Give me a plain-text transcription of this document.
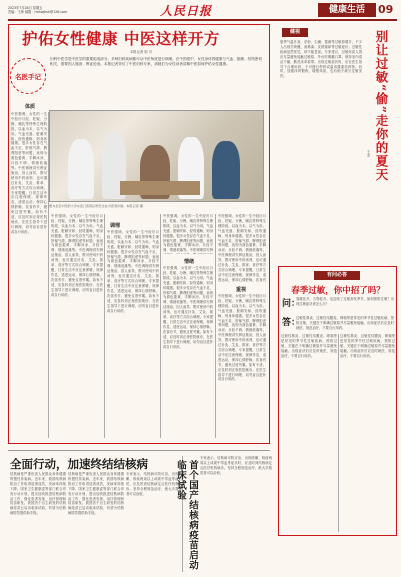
2023年7月28日 星期五
责编：王珍 邮箱：rmhwjksh@126.com	人民日报	健康生活	09
护佑女性健康 中医这样开方
本报记者 郭 可
名医手记
妇科中医学是中医学的重要组成部分。多种妇科疾病都可从中医角度进行调理。在中医眼中，女性身体的健康与气血、脏腑、经络密切相关，需要因人施治、辨证论治。本报记者采访了中医妇科专家，请她们为女性读者讲解中医如何护佑女性健康。
图为北京中医药大学东直门医院妇科医生在为患者诊脉。本报记者 摄
体质
中医强调，女性的一生中经历月经、妊娠、分娩、哺乳等特殊生理阶段，以血为本，以气为用。气血充盛、脏腑安和、经络通畅，则身体健康。很多女性存在气血不足、肝郁气滞、脾肾阳虚等问题，表现为面色萎黄、手脚冰凉、月经不调、情绪低落等。中医调理讲究辨证施治，因人而异，既可使用中药汤剂，也可通过针灸、艾灸、推拿、食疗等方式综合调理。专家提醒，日常生活中应注意保暖，规律作息，适度运动，保持心情舒畅，饮食有节，避免过度劳累。如有不适，应及时到正规医院就诊，在医生指导下进行调理，切勿盲目进补或自行用药。
调理
中医强调，女性的一生中经历月经、妊娠、分娩、哺乳等特殊生理阶段，以血为本，以气为用。气血充盛、脏腑安和、经络通畅，则身体健康。很多女性存在气血不足、肝郁气滞、脾肾阳虚等问题，表现为面色萎黄、手脚冰凉、月经不调、情绪低落等。中医调理讲究辨证施治，因人而异，既可使用中药汤剂，也可通过针灸、艾灸、推拿、食疗等方式综合调理。专家提醒，日常生活中应注意保暖，规律作息，适度运动，保持心情舒畅，饮食有节，避免过度劳累。如有不适，应及时到正规医院就诊，在医生指导下进行调理，切勿盲目进补或自行用药。
中医强调，女性的一生中经历月经、妊娠、分娩、哺乳等特殊生理阶段，以血为本，以气为用。气血充盛、脏腑安和、经络通畅，则身体健康。很多女性存在气血不足、肝郁气滞、脾肾阳虚等问题，表现为面色萎黄、手脚冰凉、月经不调、情绪低落等。中医调理讲究辨证施治，因人而异，既可使用中药汤剂，也可通过针灸、艾灸、推拿、食疗等方式综合调理。专家提醒，日常生活中应注意保暖，规律作息，适度运动，保持心情舒畅，饮食有节，避免过度劳累。如有不适，应及时到正规医院就诊，在医生指导下进行调理，切勿盲目进补或自行用药。
情绪
中医强调，女性的一生中经历月经、妊娠、分娩、哺乳等特殊生理阶段，以血为本，以气为用。气血充盛、脏腑安和、经络通畅，则身体健康。很多女性存在气血不足、肝郁气滞、脾肾阳虚等问题，表现为面色萎黄、手脚冰凉、月经不调、情绪低落等。中医调理讲究辨
中医强调，女性的一生中经历月经、妊娠、分娩、哺乳等特殊生理阶段，以血为本，以气为用。气血充盛、脏腑安和、经络通畅，则身体健康。很多女性存在气血不足、肝郁气滞、脾肾阳虚等问题，表现为面色萎黄、手脚冰凉、月经不调、情绪低落等。中医调理讲究辨证施治，因人而异，既可使用中药汤剂，也可通过针灸、艾灸、推拿、食疗等方式综合调理。专家提醒，日常生活中应注意保暖，规律作息，适度运动，保持心情舒畅，饮食有节，避免过度劳累。如有不适，应及时到正规医院就诊，在医生指导下进行调理，切勿盲目进补或自行用药。
重视
中医强调，女性的一生中经历月经、妊娠、分娩、哺乳等特殊生理阶段，以血为本，以气为用。气血充盛、脏腑安和、经络通畅，则身体健康。很多女性存在气血不足、肝郁气滞、脾肾阳虚等问题，表现为面色萎黄、手脚冰凉、月经不调、情绪低落等。中医调理讲究辨证施治，因人而异，既可使用中药汤剂，也可通过针灸、艾灸、推拿、食疗等方式综合调理。专家提醒，日常生活中应注意保暖，规律作息，适度运动，保持心情舒畅，饮食有
中医强调，女性的一生中经历月经、妊娠、分娩、哺乳等特殊生理阶段，以血为本，以气为用。气血充盛、脏腑安和、经络通畅，则身体健康。很多女性存在气血不足、肝郁气滞、脾肾阳虚等问题，表现为面色萎黄、手脚冰凉、月经不调、情绪低落等。中医调理讲究辨证施治，因人而异，既可使用中药汤剂，也可通过针灸、艾灸、推拿、食疗等方式综合调理。专家提醒，日常生活中应注意保暖，规律作息，适度运动，保持心情舒畅，饮食有节，避免过度劳累。如有不适，应及时到正规医院就诊，在医生指导下进行调理，切勿盲目进补或自行用药。
健视	别让过敏“偷”走你的夏天
王金
夏季气温升高，花粉、尘螨、霉菌等过敏原增多，不少人出现打喷嚏、流鼻涕、皮肤瘙痒等过敏症状。过敏性疾病虽然常见，却不能忽视。专家建议，过敏体质人群应尽量避免接触过敏原，外出时佩戴口罩，保持室内清洁干燥，勤洗床单被罩。出现过敏症状时，应在医生指导下合理用药，不可擅自停药或滥用激素类药物。同时，加强体育锻炼，增强体质，也有助于减少过敏发作。
有问必答
春季过敏，你中招了吗？
问：
春暖花开，万物复苏，也迎来了过敏高发季节。如何预防过敏？出现过敏症状该怎么办？
答：
过敏性鼻炎、过敏性结膜炎、哮喘等是常见的季节性过敏疾病。预防过敏，关键在于明确过敏原并尽量避免接触。出现症状后应及时就医，规范治疗，不要自行用药。
过敏性鼻炎、过敏性结膜炎、哮喘等是常见的季节性过敏疾病。预防过敏，关键在于明确过敏原并尽量避免接触。出现症状后应及时就医，规范治疗，不要自行用药。
过敏性鼻炎、过敏性结膜炎、哮喘等是常见的季节性过敏疾病。预防过敏，关键在于明确过敏原并尽量避免接触。出现症状后应及时就医，规范治疗，不要自行用药。
全面行动，加速终结结核病
结核病是严重危害人民群众身体健康的慢性传染病。近年来，我国结核病防治工作取得显著成效，发病率持续下降。国家卫生健康委等部门联合印发行动计划，提出加快推进结核病防治工作，强化患者发现、治疗管理和疫苗研发。我国首个自主研发的结核病疫苗已启动临床试验，有望为结核病防控提供新手段。
结核病是严重危害人民群众身体健康的慢性传染病。近年来，我国结核病防治工作取得显著成效，发病率持续下降。国家卫生健康委等部门联合印发行动计划，提出加快推进结核病防治工作，强化患者发现、治疗管理和疫苗研发。我国首个自主研发的结核病疫苗已启动临床试验，有望为结核病防控提供新手段。
专家表示，结核病可防可治，出现咳嗽、咳痰两周以上或痰中带血等症状时，应及时到结核病定点医疗机构就诊。坚持全程规范治疗，绝大多数患者可以治愈。	首个国产结核病疫苗启动临床试验
专家表示，结核病可防可治，出现咳嗽、咳痰两周以上或痰中带血等症状时，应及时到结核病定点医疗机构就诊。坚持全程规范治疗，绝大多数患者可以治愈。
